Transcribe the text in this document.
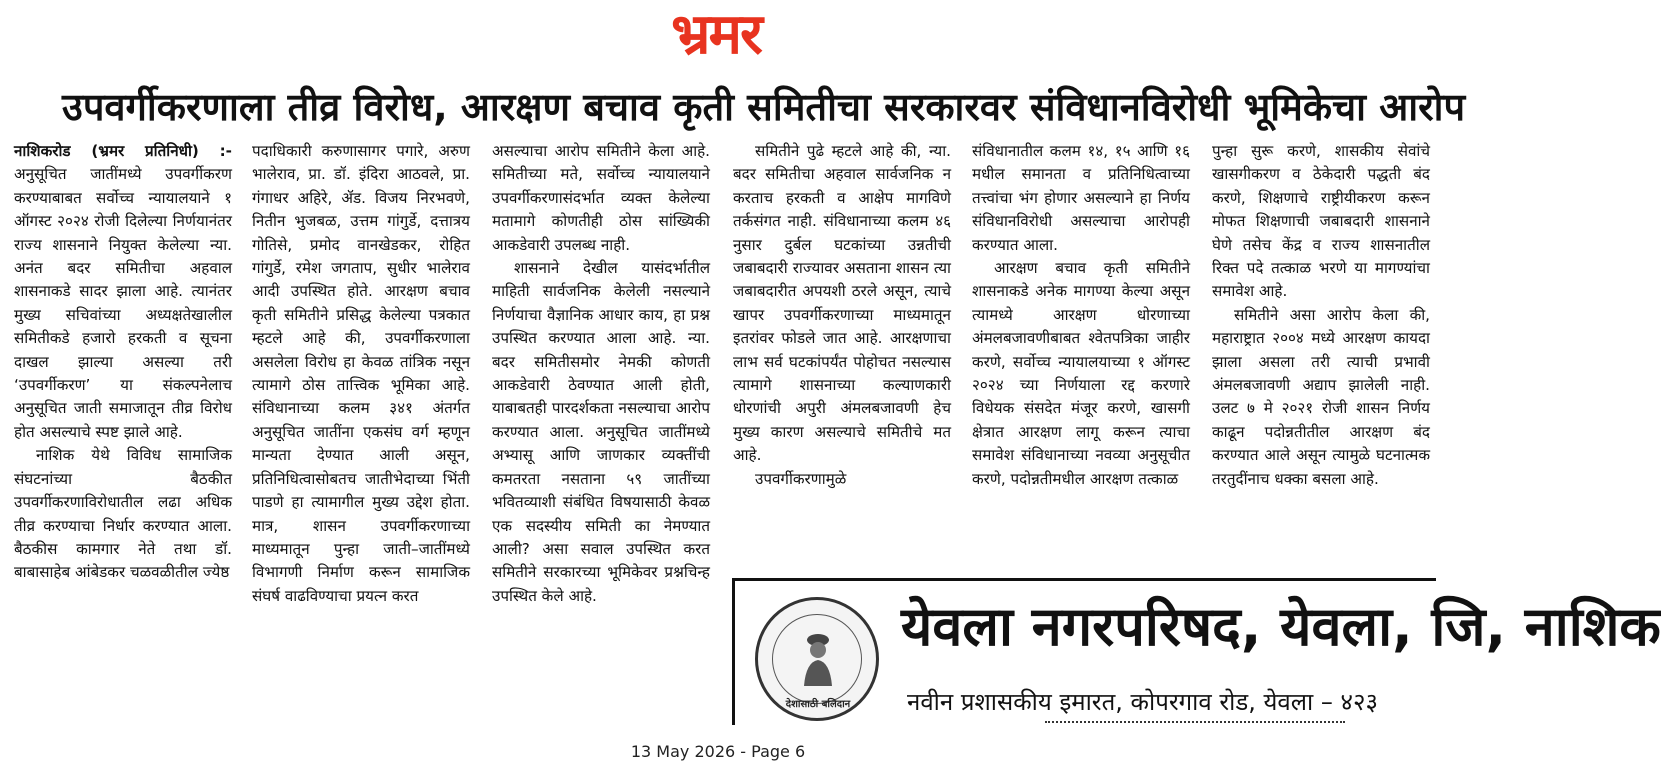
भ्रमर
उपवर्गीकरणाला तीव्र विरोध, आरक्षण बचाव कृती समितीचा सरकारवर संविधानविरोधी भूमिकेचा आरोप

नाशिकरोड (भ्रमर प्रतिनिधी) :- अनुसूचित जातींमध्ये उपवर्गीकरण करण्याबाबत सर्वोच्च न्यायालयाने १ ऑगस्ट २०२४ रोजी दिलेल्या निर्णयानंतर राज्य शासनाने नियुक्त केलेल्या न्या. अनंत बदर समितीचा अहवाल शासनाकडे सादर झाला आहे. त्यानंतर मुख्य सचिवांच्या अध्यक्षतेखालील समितीकडे हजारो हरकती व सूचना दाखल झाल्या असल्या तरी ‘उपवर्गीकरण’ या संकल्पनेलाच अनुसूचित जाती समाजातून तीव्र विरोध होत असल्याचे स्पष्ट झाले आहे.

नाशिक येथे विविध सामाजिक संघटनांच्या बैठकीत उपवर्गीकरणाविरोधातील लढा अधिक तीव्र करण्याचा निर्धार करण्यात आला. बैठकीस कामगार नेते तथा डॉ. बाबासाहेब आंबेडकर चळवळीतील ज्येष्ठ

पदाधिकारी करुणासागर पगारे, अरुण भालेराव, प्रा. डॉ. इंदिरा आठवले, प्रा. गंगाधर अहिरे, ॲड. विजय निरभवणे, नितीन भुजबळ, उत्तम गांगुर्डे, दत्तात्रय गोतिसे, प्रमोद वानखेडकर, रोहित गांगुर्डे, रमेश जगताप, सुधीर भालेराव आदी उपस्थित होते. आरक्षण बचाव कृती समितीने प्रसिद्ध केलेल्या पत्रकात म्हटले आहे की, उपवर्गीकरणाला असलेला विरोध हा केवळ तांत्रिक नसून त्यामागे ठोस तात्त्विक भूमिका आहे. संविधानाच्या कलम ३४१ अंतर्गत अनुसूचित जातींना एकसंघ वर्ग म्हणून मान्यता देण्यात आली असून, प्रतिनिधित्वासोबतच जातीभेदाच्या भिंती पाडणे हा त्यामागील मुख्य उद्देश होता. मात्र, शासन उपवर्गीकरणाच्या माध्यमातून पुन्हा जाती–जातींमध्ये विभागणी निर्माण करून सामाजिक संघर्ष वाढविण्याचा प्रयत्न करत

असल्याचा आरोप समितीने केला आहे. समितीच्या मते, सर्वोच्च न्यायालयाने उपवर्गीकरणासंदर्भात व्यक्त केलेल्या मतामागे कोणतीही ठोस सांख्यिकी आकडेवारी उपलब्ध नाही.

शासनाने देखील यासंदर्भातील माहिती सार्वजनिक केलेली नसल्याने निर्णयाचा वैज्ञानिक आधार काय, हा प्रश्न उपस्थित करण्यात आला आहे. न्या. बदर समितीसमोर नेमकी कोणती आकडेवारी ठेवण्यात आली होती, याबाबतही पारदर्शकता नसल्याचा आरोप करण्यात आला. अनुसूचित जातींमध्ये अभ्यासू आणि जाणकार व्यक्तींची कमतरता नसताना ५९ जातींच्या भवितव्याशी संबंधित विषयासाठी केवळ एक सदस्यीय समिती का नेमण्यात आली? असा सवाल उपस्थित करत समितीने सरकारच्या भूमिकेवर प्रश्नचिन्ह उपस्थित केले आहे.

समितीने पुढे म्हटले आहे की, न्या. बदर समितीचा अहवाल सार्वजनिक न करताच हरकती व आक्षेप मागविणे तर्कसंगत नाही. संविधानाच्या कलम ४६ नुसार दुर्बल घटकांच्या उन्नतीची जबाबदारी राज्यावर असताना शासन त्या जबाबदारीत अपयशी ठरले असून, त्याचे खापर उपवर्गीकरणाच्या माध्यमातून इतरांवर फोडले जात आहे. आरक्षणाचा लाभ सर्व घटकांपर्यंत पोहोचत नसल्यास त्यामागे शासनाच्या कल्याणकारी धोरणांची अपुरी अंमलबजावणी हेच मुख्य कारण असल्याचे समितीचे मत आहे.

उपवर्गीकरणामुळे

संविधानातील कलम १४, १५ आणि १६ मधील समानता व प्रतिनिधित्वाच्या तत्त्वांचा भंग होणार असल्याने हा निर्णय संविधानविरोधी असल्याचा आरोपही करण्यात आला.

आरक्षण बचाव कृती समितीने शासनाकडे अनेक मागण्या केल्या असून त्यामध्ये आरक्षण धोरणाच्या अंमलबजावणीबाबत श्वेतपत्रिका जाहीर करणे, सर्वोच्च न्यायालयाच्या १ ऑगस्ट २०२४ च्या निर्णयाला रद्द करणारे विधेयक संसदेत मंजूर करणे, खासगी क्षेत्रात आरक्षण लागू करून त्याचा समावेश संविधानाच्या नवव्या अनुसूचीत करणे, पदोन्नतीमधील आरक्षण तत्काळ

पुन्हा सुरू करणे, शासकीय सेवांचे खासगीकरण व ठेकेदारी पद्धती बंद करणे, शिक्षणाचे राष्ट्रीयीकरण करून मोफत शिक्षणाची जबाबदारी शासनाने घेणे तसेच केंद्र व राज्य शासनातील रिक्त पदे तत्काळ भरणे या मागण्यांचा समावेश आहे.

समितीने असा आरोप केला की, महाराष्ट्रात २००४ मध्ये आरक्षण कायदा झाला असला तरी त्याची प्रभावी अंमलबजावणी अद्याप झालेली नाही. उलट ७ मे २०२१ रोजी शासन निर्णय काढून पदोन्नतीतील आरक्षण बंद करण्यात आले असून त्यामुळे घटनात्मक तरतुदींनाच धक्का बसला आहे.

देशासाठी बलिदान
येवला नगरपरिषद, येवला, जि, नाशिक
नवीन प्रशासकीय इमारत, कोपरगाव रोड, येवला – ४२३
13 May 2026 - Page 6
